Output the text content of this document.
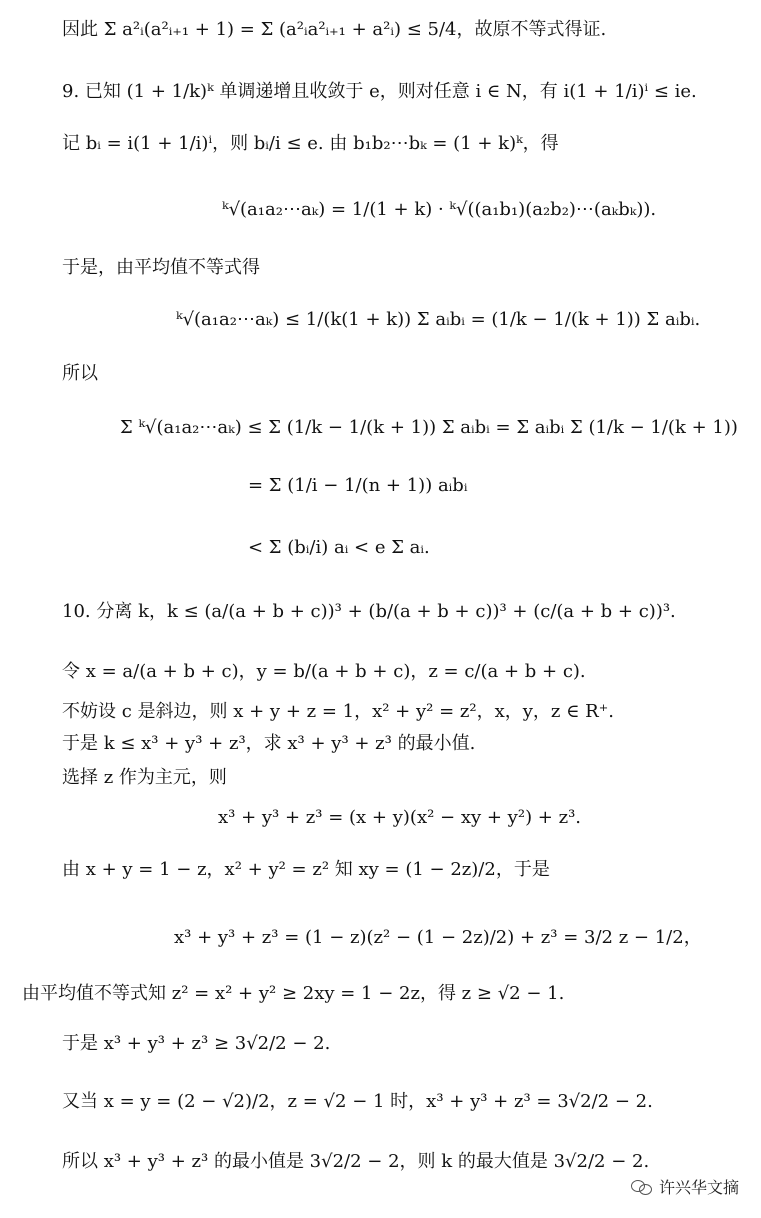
因此 Σ a²ᵢ(a²ᵢ₊₁ + 1) = Σ (a²ᵢa²ᵢ₊₁ + a²ᵢ) ≤ 5/4，故原不等式得证.
9. 已知 (1 + 1/k)ᵏ 单调递增且收敛于 e，则对任意 i ∈ N，有 i(1 + 1/i)ⁱ ≤ ie.
记 bᵢ = i(1 + 1/i)ⁱ，则 bᵢ/i ≤ e. 由 b₁b₂⋯bₖ = (1 + k)ᵏ，得
ᵏ√(a₁a₂⋯aₖ) = 1/(1 + k) · ᵏ√((a₁b₁)(a₂b₂)⋯(aₖbₖ)).
于是，由平均值不等式得
ᵏ√(a₁a₂⋯aₖ) ≤ 1/(k(1 + k)) Σ aᵢbᵢ = (1/k − 1/(k + 1)) Σ aᵢbᵢ.
所以
Σ ᵏ√(a₁a₂⋯aₖ) ≤ Σ (1/k − 1/(k + 1)) Σ aᵢbᵢ = Σ aᵢbᵢ Σ (1/k − 1/(k + 1))
= Σ (1/i − 1/(n + 1)) aᵢbᵢ
< Σ (bᵢ/i) aᵢ < e Σ aᵢ.
10. 分离 k，k ≤ (a/(a + b + c))³ + (b/(a + b + c))³ + (c/(a + b + c))³.
令 x = a/(a + b + c)，y = b/(a + b + c)，z = c/(a + b + c).
不妨设 c 是斜边，则 x + y + z = 1，x² + y² = z²，x，y，z ∈ R⁺.
于是 k ≤ x³ + y³ + z³，求 x³ + y³ + z³ 的最小值.
选择 z 作为主元，则
x³ + y³ + z³ = (x + y)(x² − xy + y²) + z³.
由 x + y = 1 − z，x² + y² = z² 知 xy = (1 − 2z)/2，于是
x³ + y³ + z³ = (1 − z)(z² − (1 − 2z)/2) + z³ = 3/2 z − 1/2，
由平均值不等式知 z² = x² + y² ≥ 2xy = 1 − 2z，得 z ≥ √2 − 1.
于是 x³ + y³ + z³ ≥ 3√2/2 − 2.
又当 x = y = (2 − √2)/2，z = √2 − 1 时，x³ + y³ + z³ = 3√2/2 − 2.
所以 x³ + y³ + z³ 的最小值是 3√2/2 − 2，则 k 的最大值是 3√2/2 − 2.
许兴华文摘
